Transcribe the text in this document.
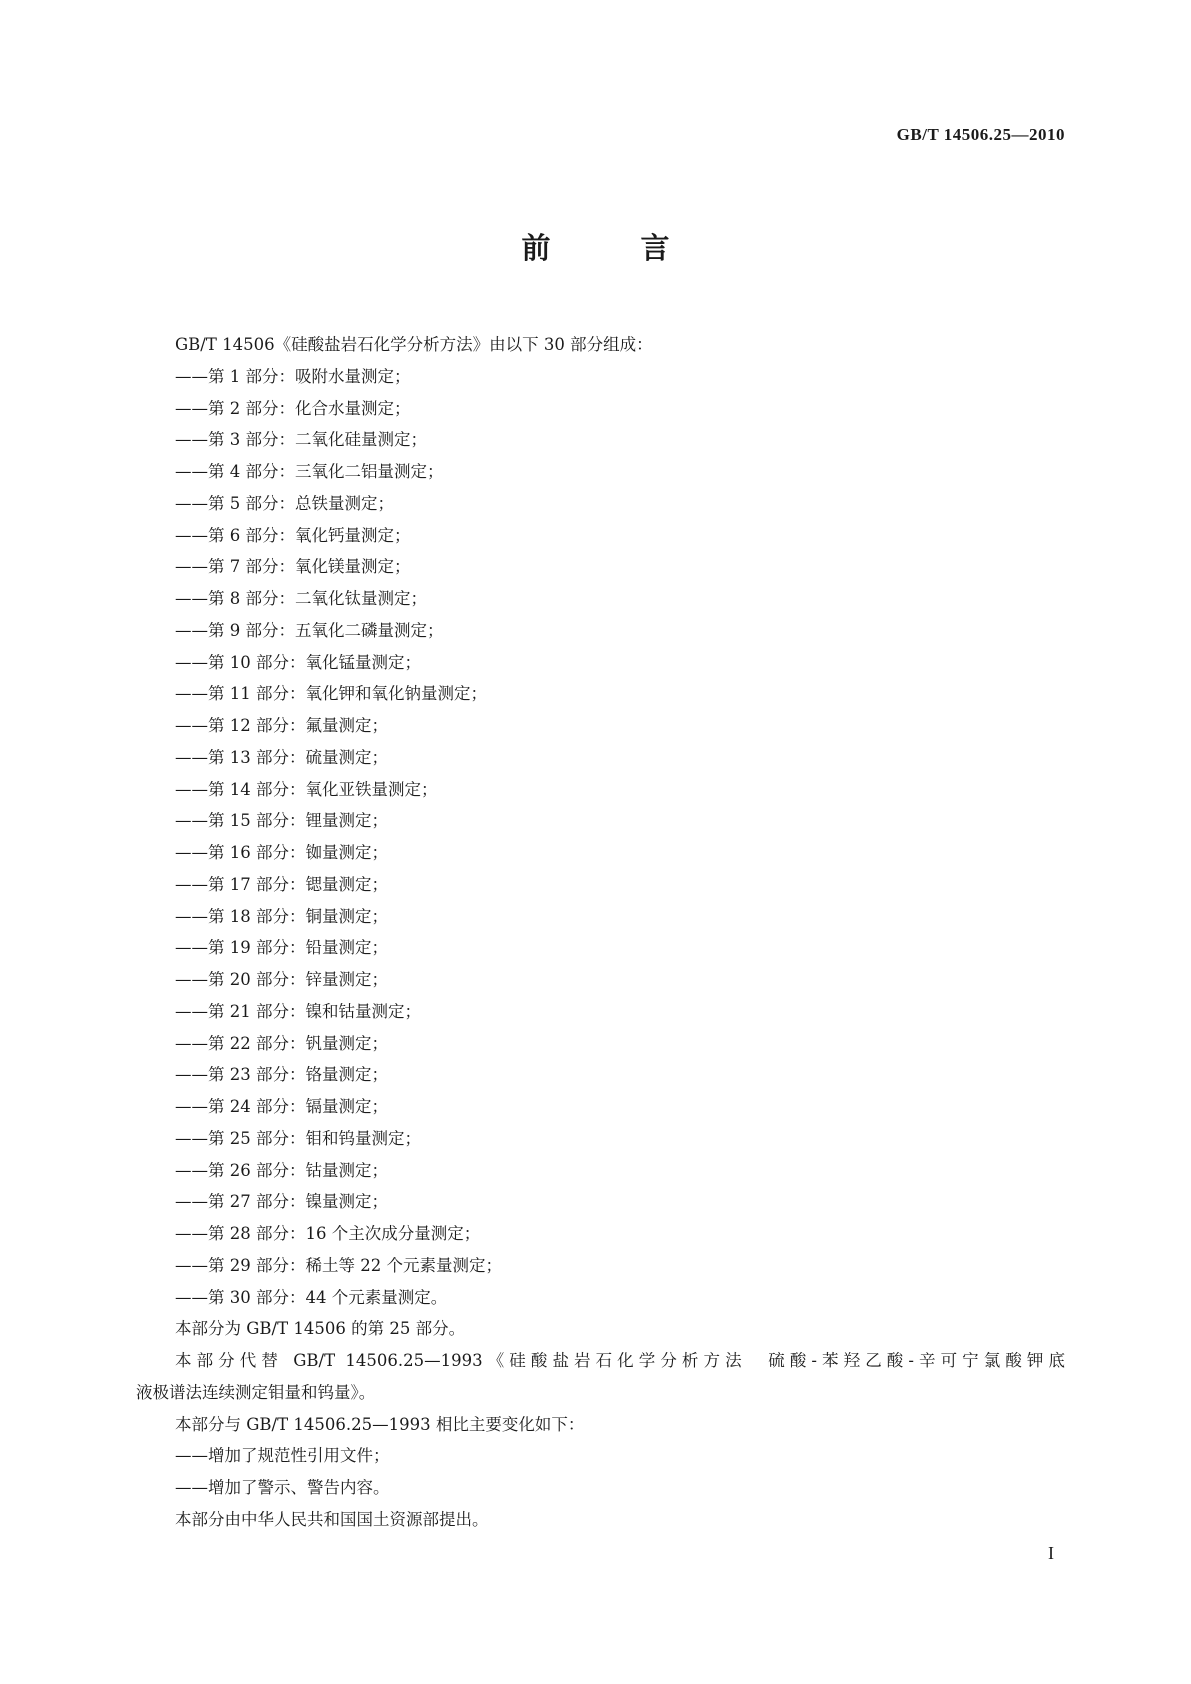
GB/T 14506.25—2010
前 言
GB/T 14506《硅酸盐岩石化学分析方法》由以下 30 部分组成：
——第 1 部分：吸附水量测定；
——第 2 部分：化合水量测定；
——第 3 部分：二氧化硅量测定；
——第 4 部分：三氧化二铝量测定；
——第 5 部分：总铁量测定；
——第 6 部分：氧化钙量测定；
——第 7 部分：氧化镁量测定；
——第 8 部分：二氧化钛量测定；
——第 9 部分：五氧化二磷量测定；
——第 10 部分：氧化锰量测定；
——第 11 部分：氧化钾和氧化钠量测定；
——第 12 部分：氟量测定；
——第 13 部分：硫量测定；
——第 14 部分：氧化亚铁量测定；
——第 15 部分：锂量测定；
——第 16 部分：铷量测定；
——第 17 部分：锶量测定；
——第 18 部分：铜量测定；
——第 19 部分：铅量测定；
——第 20 部分：锌量测定；
——第 21 部分：镍和钴量测定；
——第 22 部分：钒量测定；
——第 23 部分：铬量测定；
——第 24 部分：镉量测定；
——第 25 部分：钼和钨量测定；
——第 26 部分：钴量测定；
——第 27 部分：镍量测定；
——第 28 部分：16 个主次成分量测定；
——第 29 部分：稀土等 22 个元素量测定；
——第 30 部分：44 个元素量测定。
本部分为 GB/T 14506 的第 25 部分。
本部分代替 GB/T 14506.25—1993《硅酸盐岩石化学分析方法　硫酸-苯羟乙酸-辛可宁氯酸钾底
液极谱法连续测定钼量和钨量》。
本部分与 GB/T 14506.25—1993 相比主要变化如下：
——增加了规范性引用文件；
——增加了警示、警告内容。
本部分由中华人民共和国国土资源部提出。
I
